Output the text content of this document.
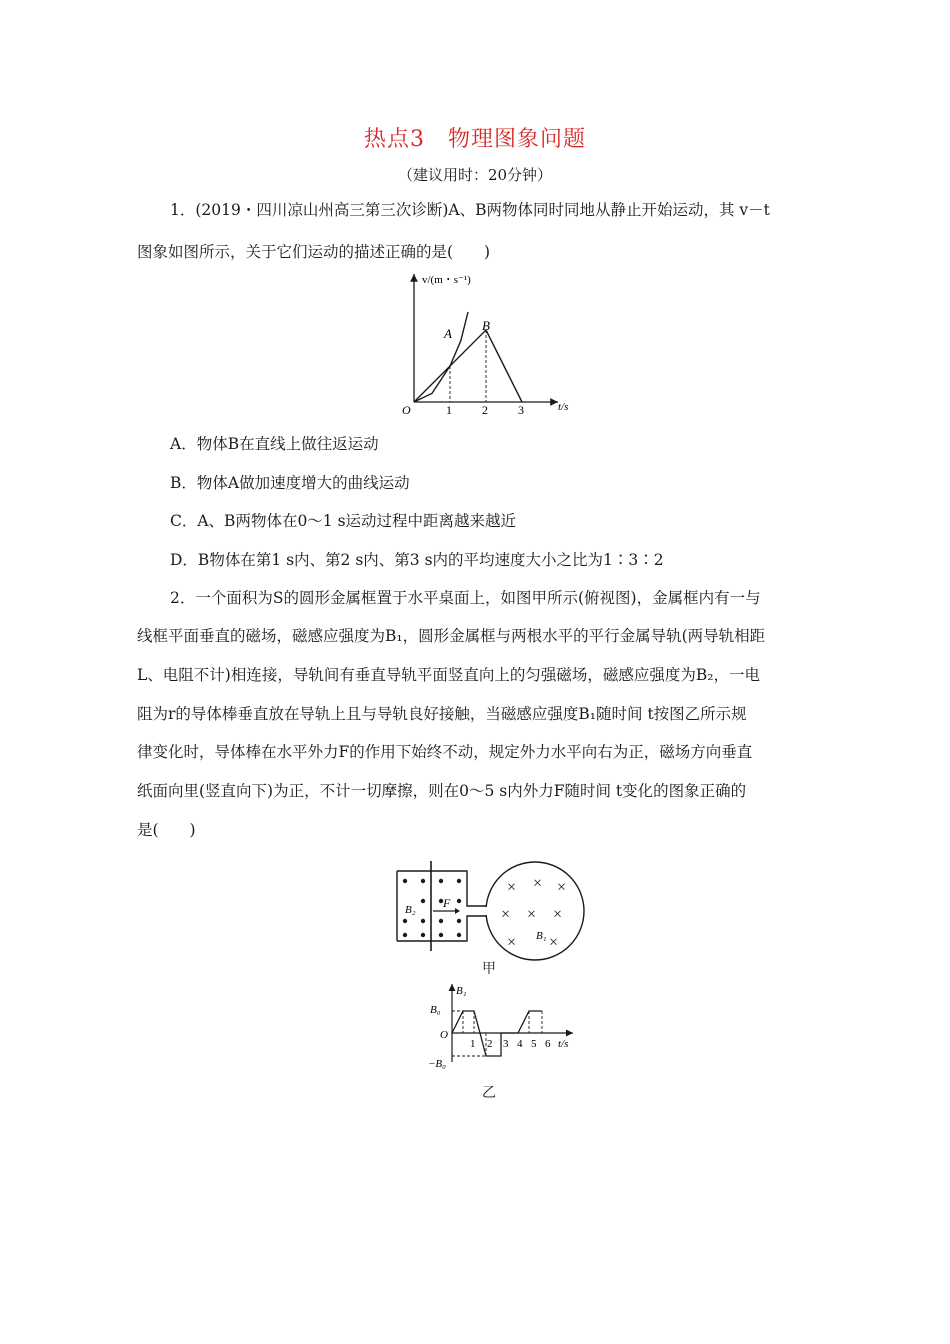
热点3　物理图象问题
（建议用时：20分钟）
1．(2019・四川凉山州高三第三次诊断)A、B两物体同时同地从静止开始运动，其 v－t
图象如图所示，关于它们运动的描述正确的是(　　)
v/(m・s⁻¹)
t/s
O	1	2	3
A
B
A．物体B在直线上做往返运动
B．物体A做加速度增大的曲线运动
C．A、B两物体在0～1 s运动过程中距离越来越近
D．B物体在第1 s内、第2 s内、第3 s内的平均速度大小之比为1∶3∶2
2．一个面积为S的圆形金属框置于水平桌面上，如图甲所示(俯视图)，金属框内有一与
线框平面垂直的磁场，磁感应强度为B₁，圆形金属框与两根水平的平行金属导轨(两导轨相距
L、电阻不计)相连接，导轨间有垂直导轨平面竖直向上的匀强磁场，磁感应强度为B₂，一电
阻为r的导体棒垂直放在导轨上且与导轨良好接触，当磁感应强度B₁随时间 t按图乙所示规
律变化时，导体棒在水平外力F的作用下始终不动，规定外力水平向右为正，磁场方向垂直
纸面向里(竖直向下)为正，不计一切摩擦，则在0～5 s内外力F随时间 t变化的图象正确的
是(　　)
B₂ F
× × ×
× × ×
× ×
B₁
甲
B₁
t/s
O
B₀
−B₀
1 2 3 4 5 6
乙
